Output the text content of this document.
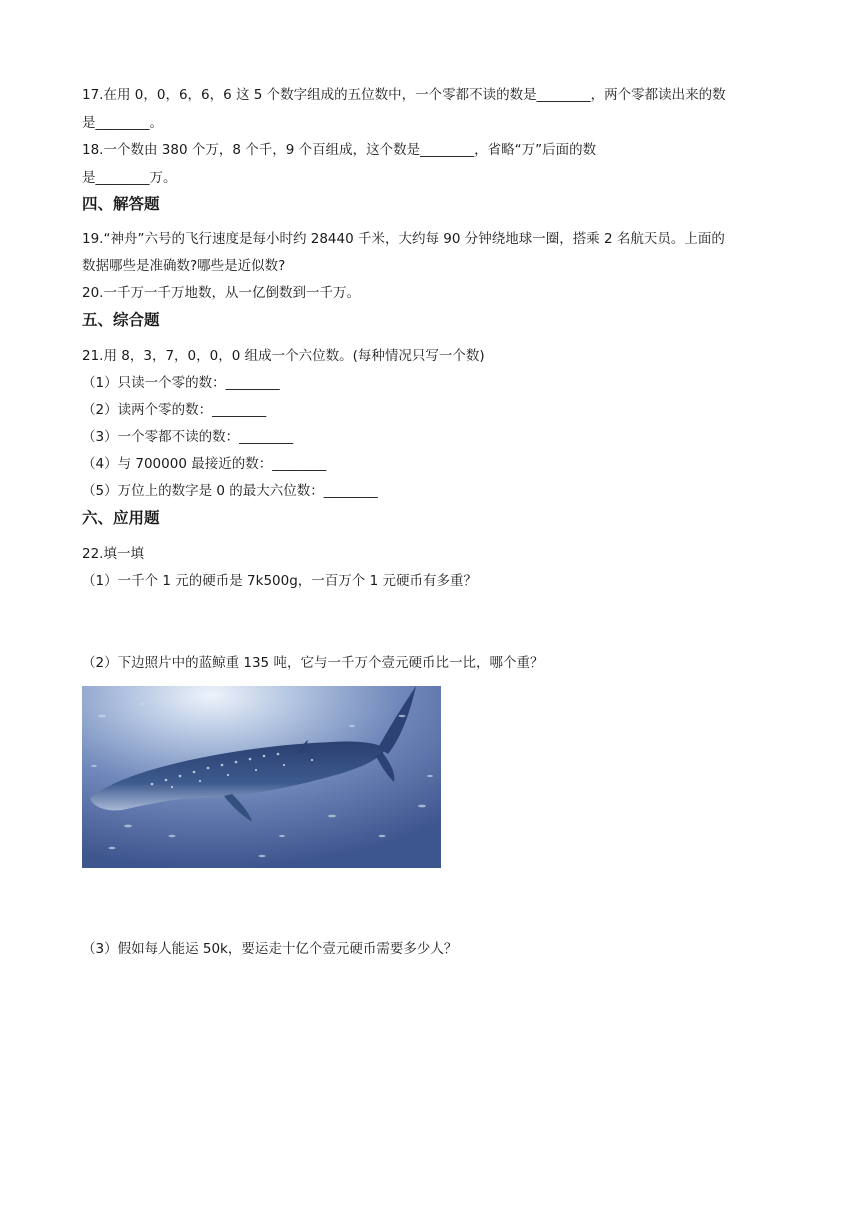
17.在用 0，0，6，6，6 这 5 个数字组成的五位数中，一个零都不读的数是________，两个零都读出来的数
是________。
18.一个数由 380 个万，8 个千，9 个百组成，这个数是________，省略“万”后面的数
是________万。
四、解答题
19.“神舟”六号的飞行速度是每小时约 28440 千米，大约每 90 分钟绕地球一圈，搭乘 2 名航天员。上面的
数据哪些是准确数?哪些是近似数?
20.一千万一千万地数，从一亿倒数到一千万。
五、综合题
21.用 8，3，7，0，0，0 组成一个六位数。(每种情况只写一个数)
（1）只读一个零的数：________
（2）读两个零的数：________
（3）一个零都不读的数：________
（4）与 700000 最接近的数：________
（5）万位上的数字是 0 的最大六位数：________
六、应用题
22.填一填
（1）一千个 1 元的硬币是 7k500g，一百万个 1 元硬币有多重？
（2）下边照片中的蓝鲸重 135 吨，它与一千万个壹元硬币比一比，哪个重？
（3）假如每人能运 50k，要运走十亿个壹元硬币需要多少人？
